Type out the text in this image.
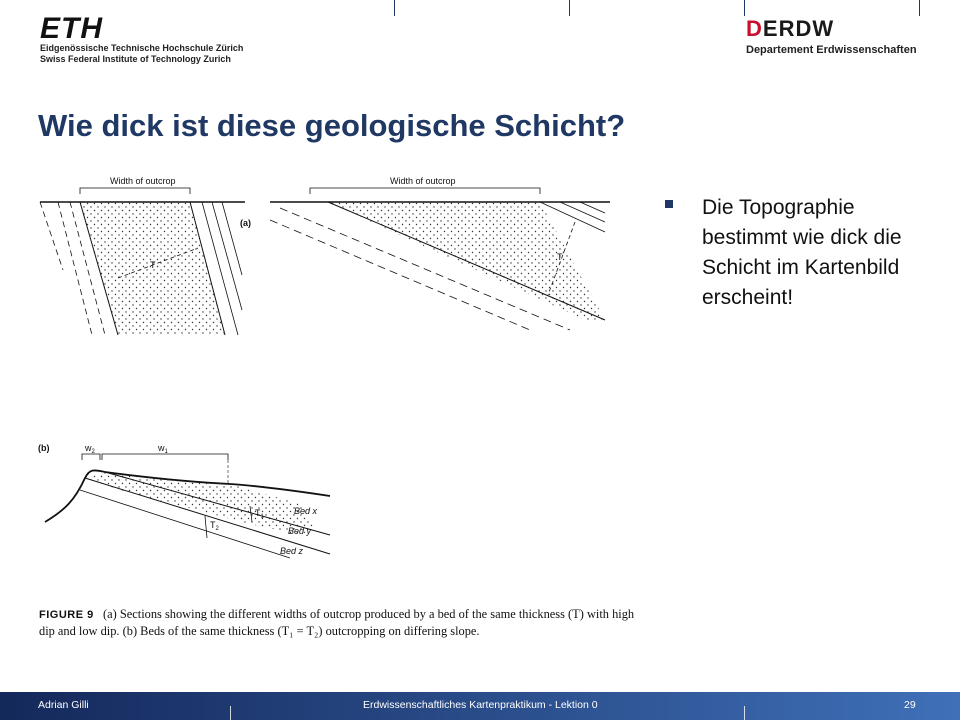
ETH
Eidgenössische Technische Hochschule Zürich
Swiss Federal Institute of Technology Zurich
DERDW
Departement Erdwissenschaften
Wie dick ist diese geologische Schicht?
Die Topographie bestimmt wie dick die Schicht im Kartenbild erscheint!
Width of outcrop	Width of outcrop
(a)
T
T
(b)	$w_2$	$w_1$
$T_1$
$T_2$
Bed x
Bed y
Bed z
FIGURE 9 (a) Sections showing the different widths of outcrop produced by a bed of the same thickness (T) with high dip and low dip. (b) Beds of the same thickness (T₁ = T₂) outcropping on differing slope.
Adrian Gilli	Erdwissenschaftliches Kartenpraktikum - Lektion 0	29
